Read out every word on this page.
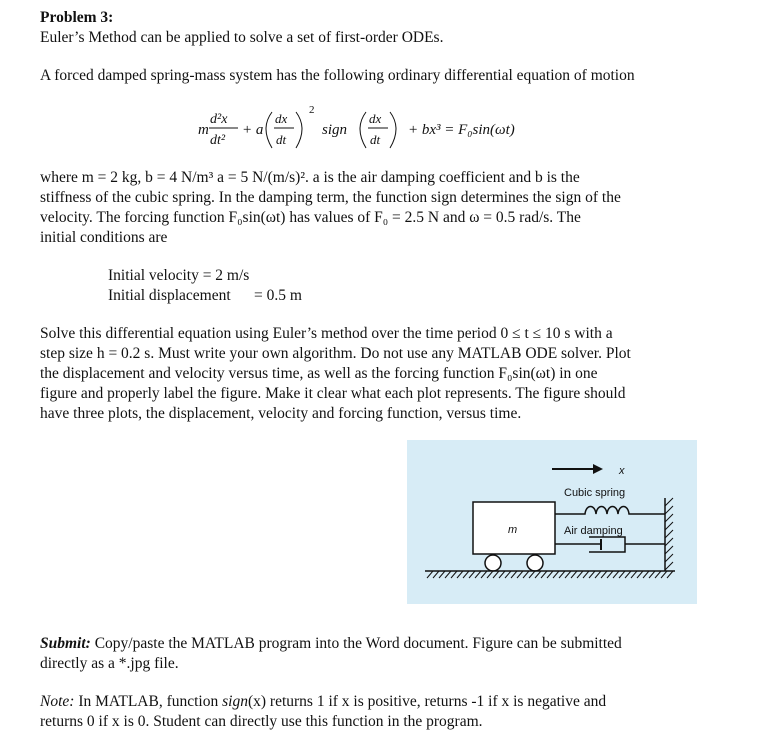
Problem 3:
Euler’s Method can be applied to solve a set of first-order ODEs.
A forced damped spring-mass system has the following ordinary differential equation of motion
m
d²x
dt²
+ a
dx
dt
2
sign
dx
dt
+ bx³ = F₀sin(ωt)
where m = 2 kg, b = 4 N/m³ a = 5 N/(m/s)². a is the air damping coefficient and b is the
stiffness of the cubic spring. In the damping term, the function sign determines the sign of the
velocity. The forcing function F₀sin(ωt) has values of F₀ = 2.5 N and ω = 0.5 rad/s. The
initial conditions are
Initial velocity = 2 m/s
Initial displacement = 0.5 m
Solve this differential equation using Euler’s method over the time period 0 ≤ t ≤ 10 s with a
step size h = 0.2 s. Must write your own algorithm. Do not use any MATLAB ODE solver. Plot
the displacement and velocity versus time, as well as the forcing function F₀sin(ωt) in one
figure and properly label the figure. Make it clear what each plot represents. The figure should
have three plots, the displacement, velocity and forcing function, versus time.
x
m
Cubic spring
Air damping
Submit: Copy/paste the MATLAB program into the Word document. Figure can be submitted
directly as a *.jpg file.
Note: In MATLAB, function sign(x) returns 1 if x is positive, returns -1 if x is negative and
returns 0 if x is 0. Student can directly use this function in the program.
